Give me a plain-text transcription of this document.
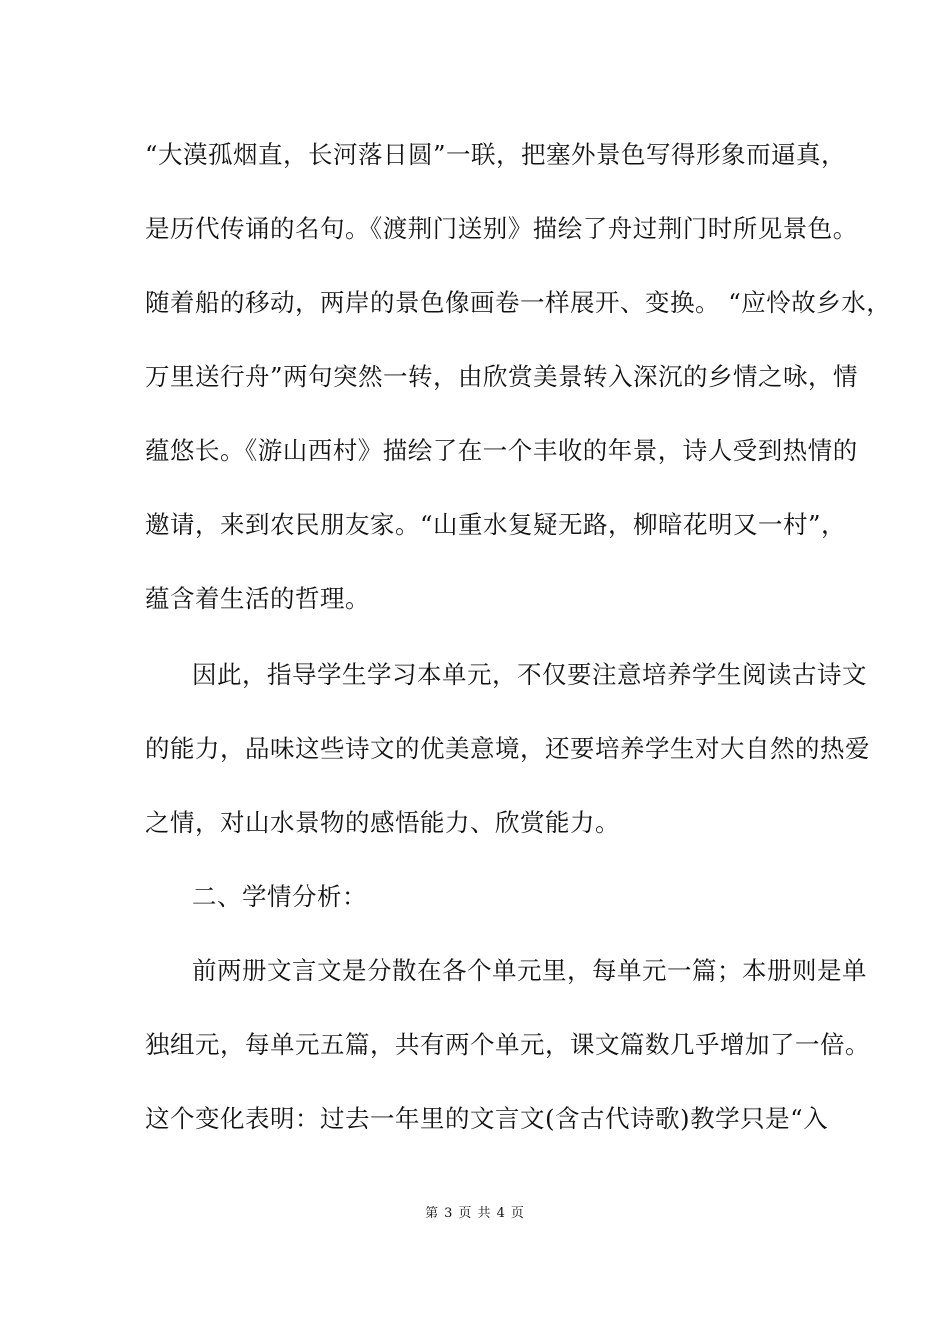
“大漠孤烟直，长河落日圆”一联，把塞外景色写得形象而逼真，
是历代传诵的名句。《渡荆门送别》描绘了舟过荆门时所见景色。
随着船的移动，两岸的景色像画卷一样展开、变换。 “应怜故乡水，
万里送行舟”两句突然一转，由欣赏美景转入深沉的乡情之咏，情
蕴悠长。《游山西村》描绘了在一个丰收的年景，诗人受到热情的
邀请，来到农民朋友家。“山重水复疑无路，柳暗花明又一村”，
蕴含着生活的哲理。
因此，指导学生学习本单元，不仅要注意培养学生阅读古诗文
的能力，品味这些诗文的优美意境，还要培养学生对大自然的热爱
之情，对山水景物的感悟能力、欣赏能力。
二、学情分析：
前两册文言文是分散在各个单元里，每单元一篇；本册则是单
独组元，每单元五篇，共有两个单元，课文篇数几乎增加了一倍。
这个变化表明：过去一年里的文言文(含古代诗歌)教学只是“入
第 3 页 共 4 页
